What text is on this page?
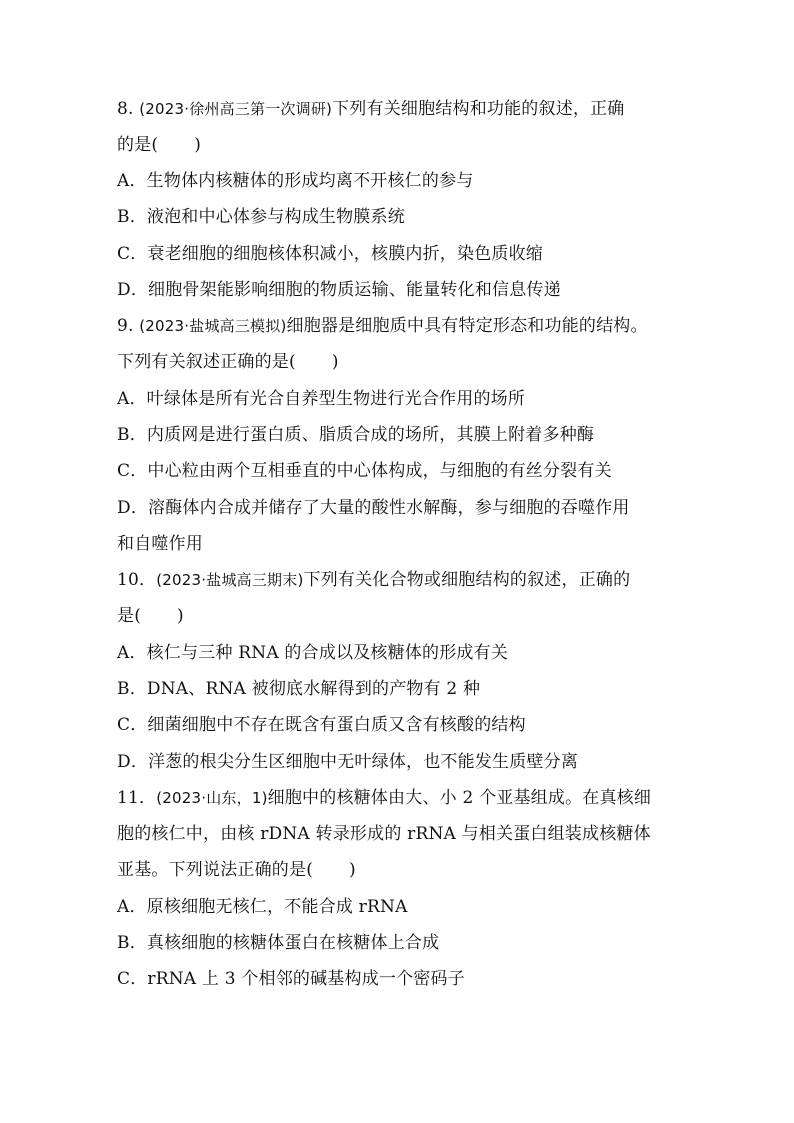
8. (2023·徐州高三第一次调研)下列有关细胞结构和功能的叙述，正确
的是( )
A．生物体内核糖体的形成均离不开核仁的参与
B．液泡和中心体参与构成生物膜系统
C．衰老细胞的细胞核体积减小，核膜内折，染色质收缩
D．细胞骨架能影响细胞的物质运输、能量转化和信息传递
9. (2023·盐城高三模拟)细胞器是细胞质中具有特定形态和功能的结构。
下列有关叙述正确的是( )
A．叶绿体是所有光合自养型生物进行光合作用的场所
B．内质网是进行蛋白质、脂质合成的场所，其膜上附着多种酶
C．中心粒由两个互相垂直的中心体构成，与细胞的有丝分裂有关
D．溶酶体内合成并储存了大量的酸性水解酶，参与细胞的吞噬作用
和自噬作用
10．(2023·盐城高三期末)下列有关化合物或细胞结构的叙述，正确的
是( )
A．核仁与三种 RNA 的合成以及核糖体的形成有关
B．DNA、RNA 被彻底水解得到的产物有 2 种
C．细菌细胞中不存在既含有蛋白质又含有核酸的结构
D．洋葱的根尖分生区细胞中无叶绿体，也不能发生质壁分离
11．(2023·山东，1)细胞中的核糖体由大、小 2 个亚基组成。在真核细
胞的核仁中，由核 rDNA 转录形成的 rRNA 与相关蛋白组装成核糖体
亚基。下列说法正确的是( )
A．原核细胞无核仁，不能合成 rRNA
B．真核细胞的核糖体蛋白在核糖体上合成
C．rRNA 上 3 个相邻的碱基构成一个密码子
